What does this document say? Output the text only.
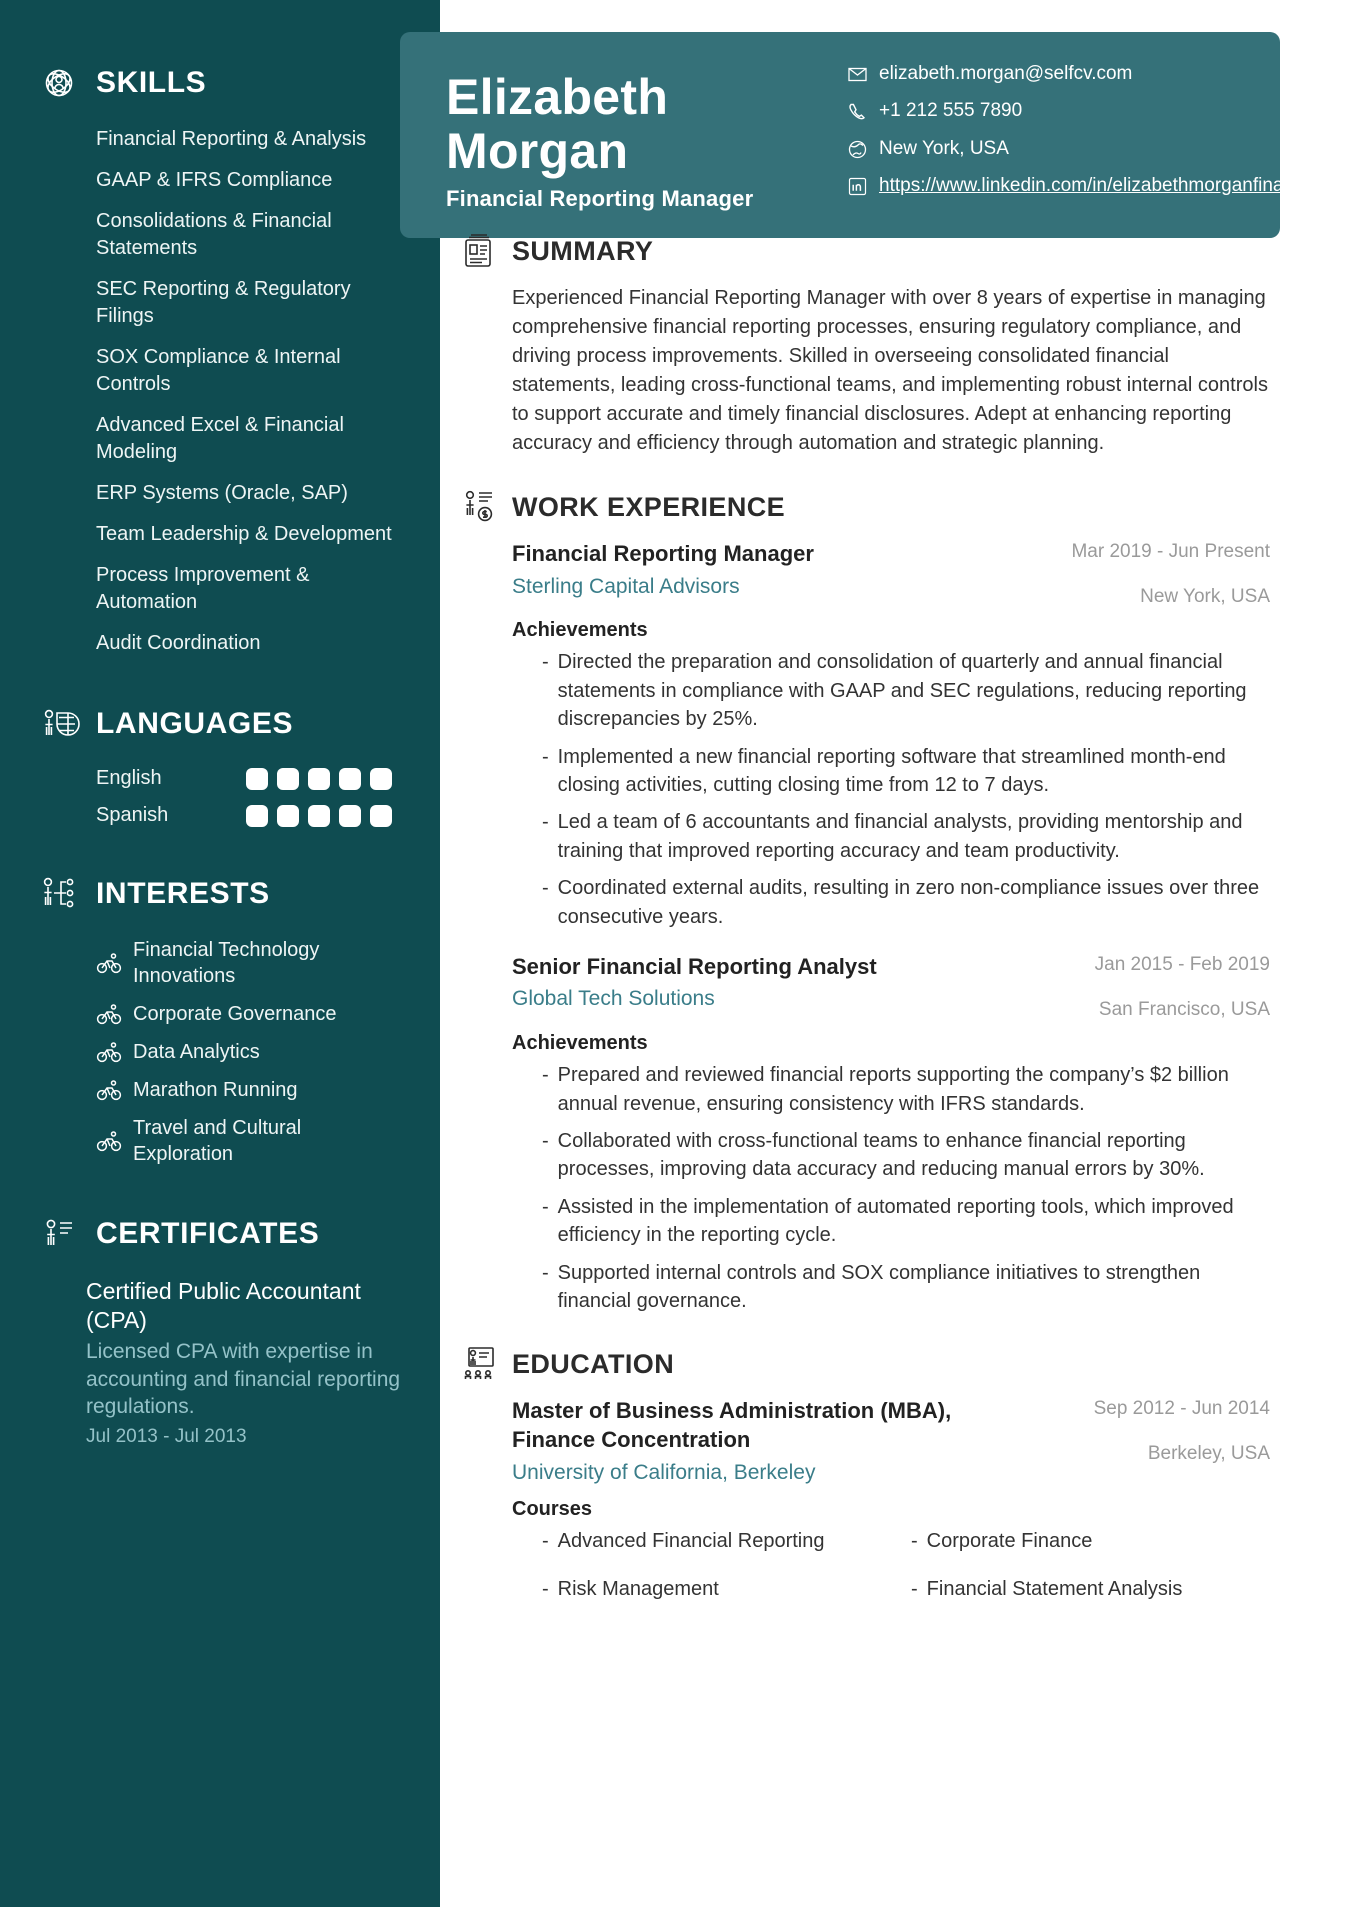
SKILLS
Financial Reporting & Analysis
GAAP & IFRS Compliance
Consolidations & Financial Statements
SEC Reporting & Regulatory Filings
SOX Compliance & Internal Controls
Advanced Excel & Financial Modeling
ERP Systems (Oracle, SAP)
Team Leadership & Development
Process Improvement & Automation
Audit Coordination
LANGUAGES
English
Spanish
INTERESTS
Financial Technology Innovations
Corporate Governance
Data Analytics
Marathon Running
Travel and Cultural Exploration
CERTIFICATES
Certified Public Accountant (CPA)
Licensed CPA with expertise in accounting and financial reporting regulations.
Jul 2013 - Jul 2013
Elizabeth Morgan
Financial Reporting Manager
elizabeth.morgan@selfcv.com
+1 212 555 7890
New York, USA
https://www.linkedin.com/in/elizabethmorganfinance
SUMMARY

Experienced Financial Reporting Manager with over 8 years of expertise in managing comprehensive financial reporting processes, ensuring regulatory compliance, and driving process improvements. Skilled in overseeing consolidated financial statements, leading cross-functional teams, and implementing robust internal controls to support accurate and timely financial disclosures. Adept at enhancing reporting accuracy and efficiency through automation and strategic planning.

WORK EXPERIENCE
Financial Reporting Manager
Sterling Capital Advisors
Mar 2019 - Jun Present
New York, USA
Achievements
- Directed the preparation and consolidation of quarterly and annual financial statements in compliance with GAAP and SEC regulations, reducing reporting discrepancies by 25%.
- Implemented a new financial reporting software that streamlined month-end closing activities, cutting closing time from 12 to 7 days.
- Led a team of 6 accountants and financial analysts, providing mentorship and training that improved reporting accuracy and team productivity.
- Coordinated external audits, resulting in zero non-compliance issues over three consecutive years.
Senior Financial Reporting Analyst
Global Tech Solutions
Jan 2015 - Feb 2019
San Francisco, USA
Achievements
- Prepared and reviewed financial reports supporting the company’s $2 billion annual revenue, ensuring consistency with IFRS standards.
- Collaborated with cross-functional teams to enhance financial reporting processes, improving data accuracy and reducing manual errors by 30%.
- Assisted in the implementation of automated reporting tools, which improved efficiency in the reporting cycle.
- Supported internal controls and SOX compliance initiatives to strengthen financial governance.
EDUCATION
Master of Business Administration (MBA), Finance Concentration
University of California, Berkeley
Sep 2012 - Jun 2014
Berkeley, USA
Courses
- Advanced Financial Reporting	- Corporate Finance
- Risk Management	- Financial Statement Analysis
